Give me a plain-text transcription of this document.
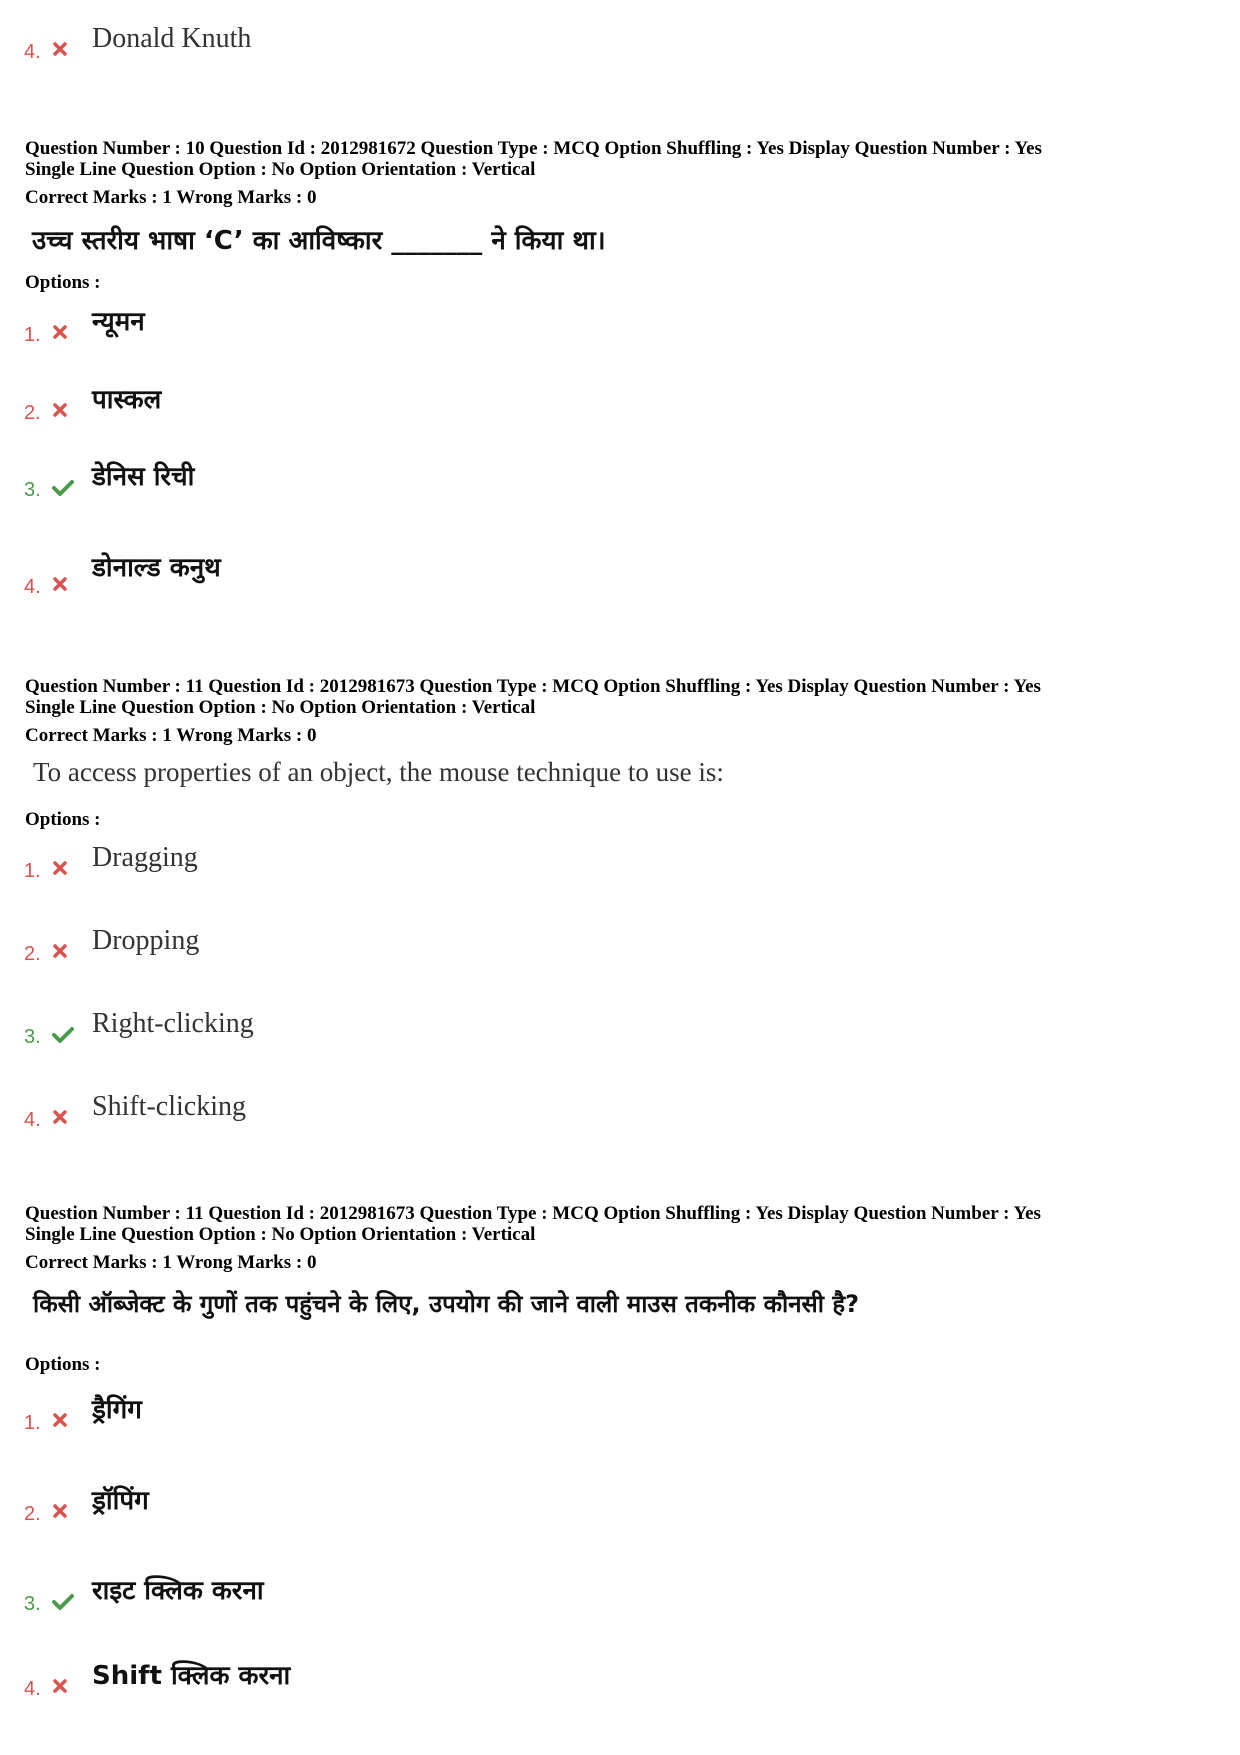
4. Donald Knuth
Question Number : 10 Question Id : 2012981672 Question Type : MCQ Option Shuffling : Yes Display Question Number : Yes
Single Line Question Option : No Option Orientation : Vertical
Correct Marks : 1 Wrong Marks : 0
उच्च स्तरीय भाषा ‘C’ का आविष्कार _______ ने किया था।
Options :
1. न्यूमन
2. पास्कल
3. डेनिस रिची
4.
डोनाल्ड कनुथ
Question Number : 11 Question Id : 2012981673 Question Type : MCQ Option Shuffling : Yes Display Question Number : Yes
Single Line Question Option : No Option Orientation : Vertical
Correct Marks : 1 Wrong Marks : 0
To access properties of an object, the mouse technique to use is:
Options :
1. Dragging
2. Dropping
3. Right-clicking
4. Shift-clicking
Question Number : 11 Question Id : 2012981673 Question Type : MCQ Option Shuffling : Yes Display Question Number : Yes
Single Line Question Option : No Option Orientation : Vertical
Correct Marks : 1 Wrong Marks : 0
किसी ऑब्जेक्ट के गुणों तक पहुंचने के लिए, उपयोग की जाने वाली माउस तकनीक कौनसी है?
Options :
1. ड्रैगिंग
2. ड्रॉपिंग
3. राइट क्लिक करना
4. Shift क्लिक करना
